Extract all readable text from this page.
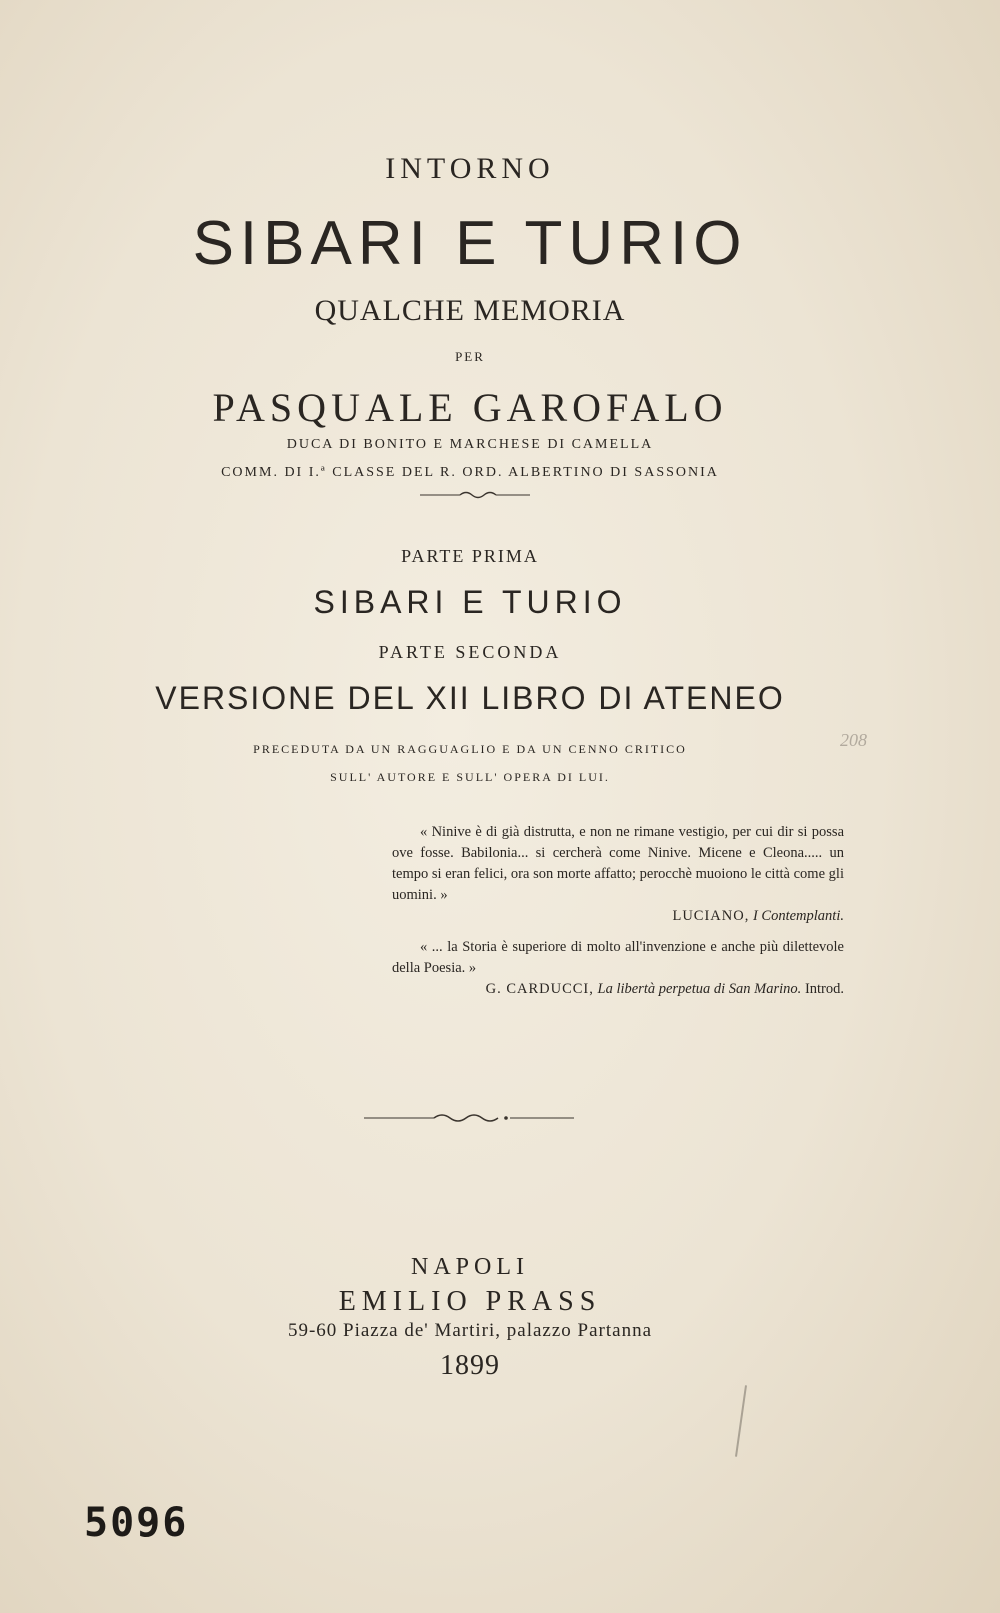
INTORNO
SIBARI E TURIO
QUALCHE MEMORIA
PER
PASQUALE GAROFALO
DUCA DI BONITO E MARCHESE DI CAMELLA
COMM. DI I.ª CLASSE DEL R. ORD. ALBERTINO DI SASSONIA
PARTE PRIMA
SIBARI E TURIO
PARTE SECONDA
VERSIONE DEL XII LIBRO DI ATENEO
PRECEDUTA DA UN RAGGUAGLIO E DA UN CENNO CRITICO
SULL' AUTORE E SULL' OPERA DI LUI.

« Ninive è di già distrutta, e non ne rimane vestigio, per cui dir si possa ove fosse. Babilonia... si cercherà come Ninive. Micene e Cleona..... un tempo si eran felici, ora son morte affatto; perocchè muoiono le città come gli uomini. »

LUCIANO, I Contemplanti.

« ... la Storia è superiore di molto all'invenzione e anche più dilettevole della Poesia. »

G. CARDUCCI, La libertà perpetua di San Marino. Introd.

NAPOLI
EMILIO PRASS
59-60 Piazza de' Martiri, palazzo Partanna
1899
208
5096
